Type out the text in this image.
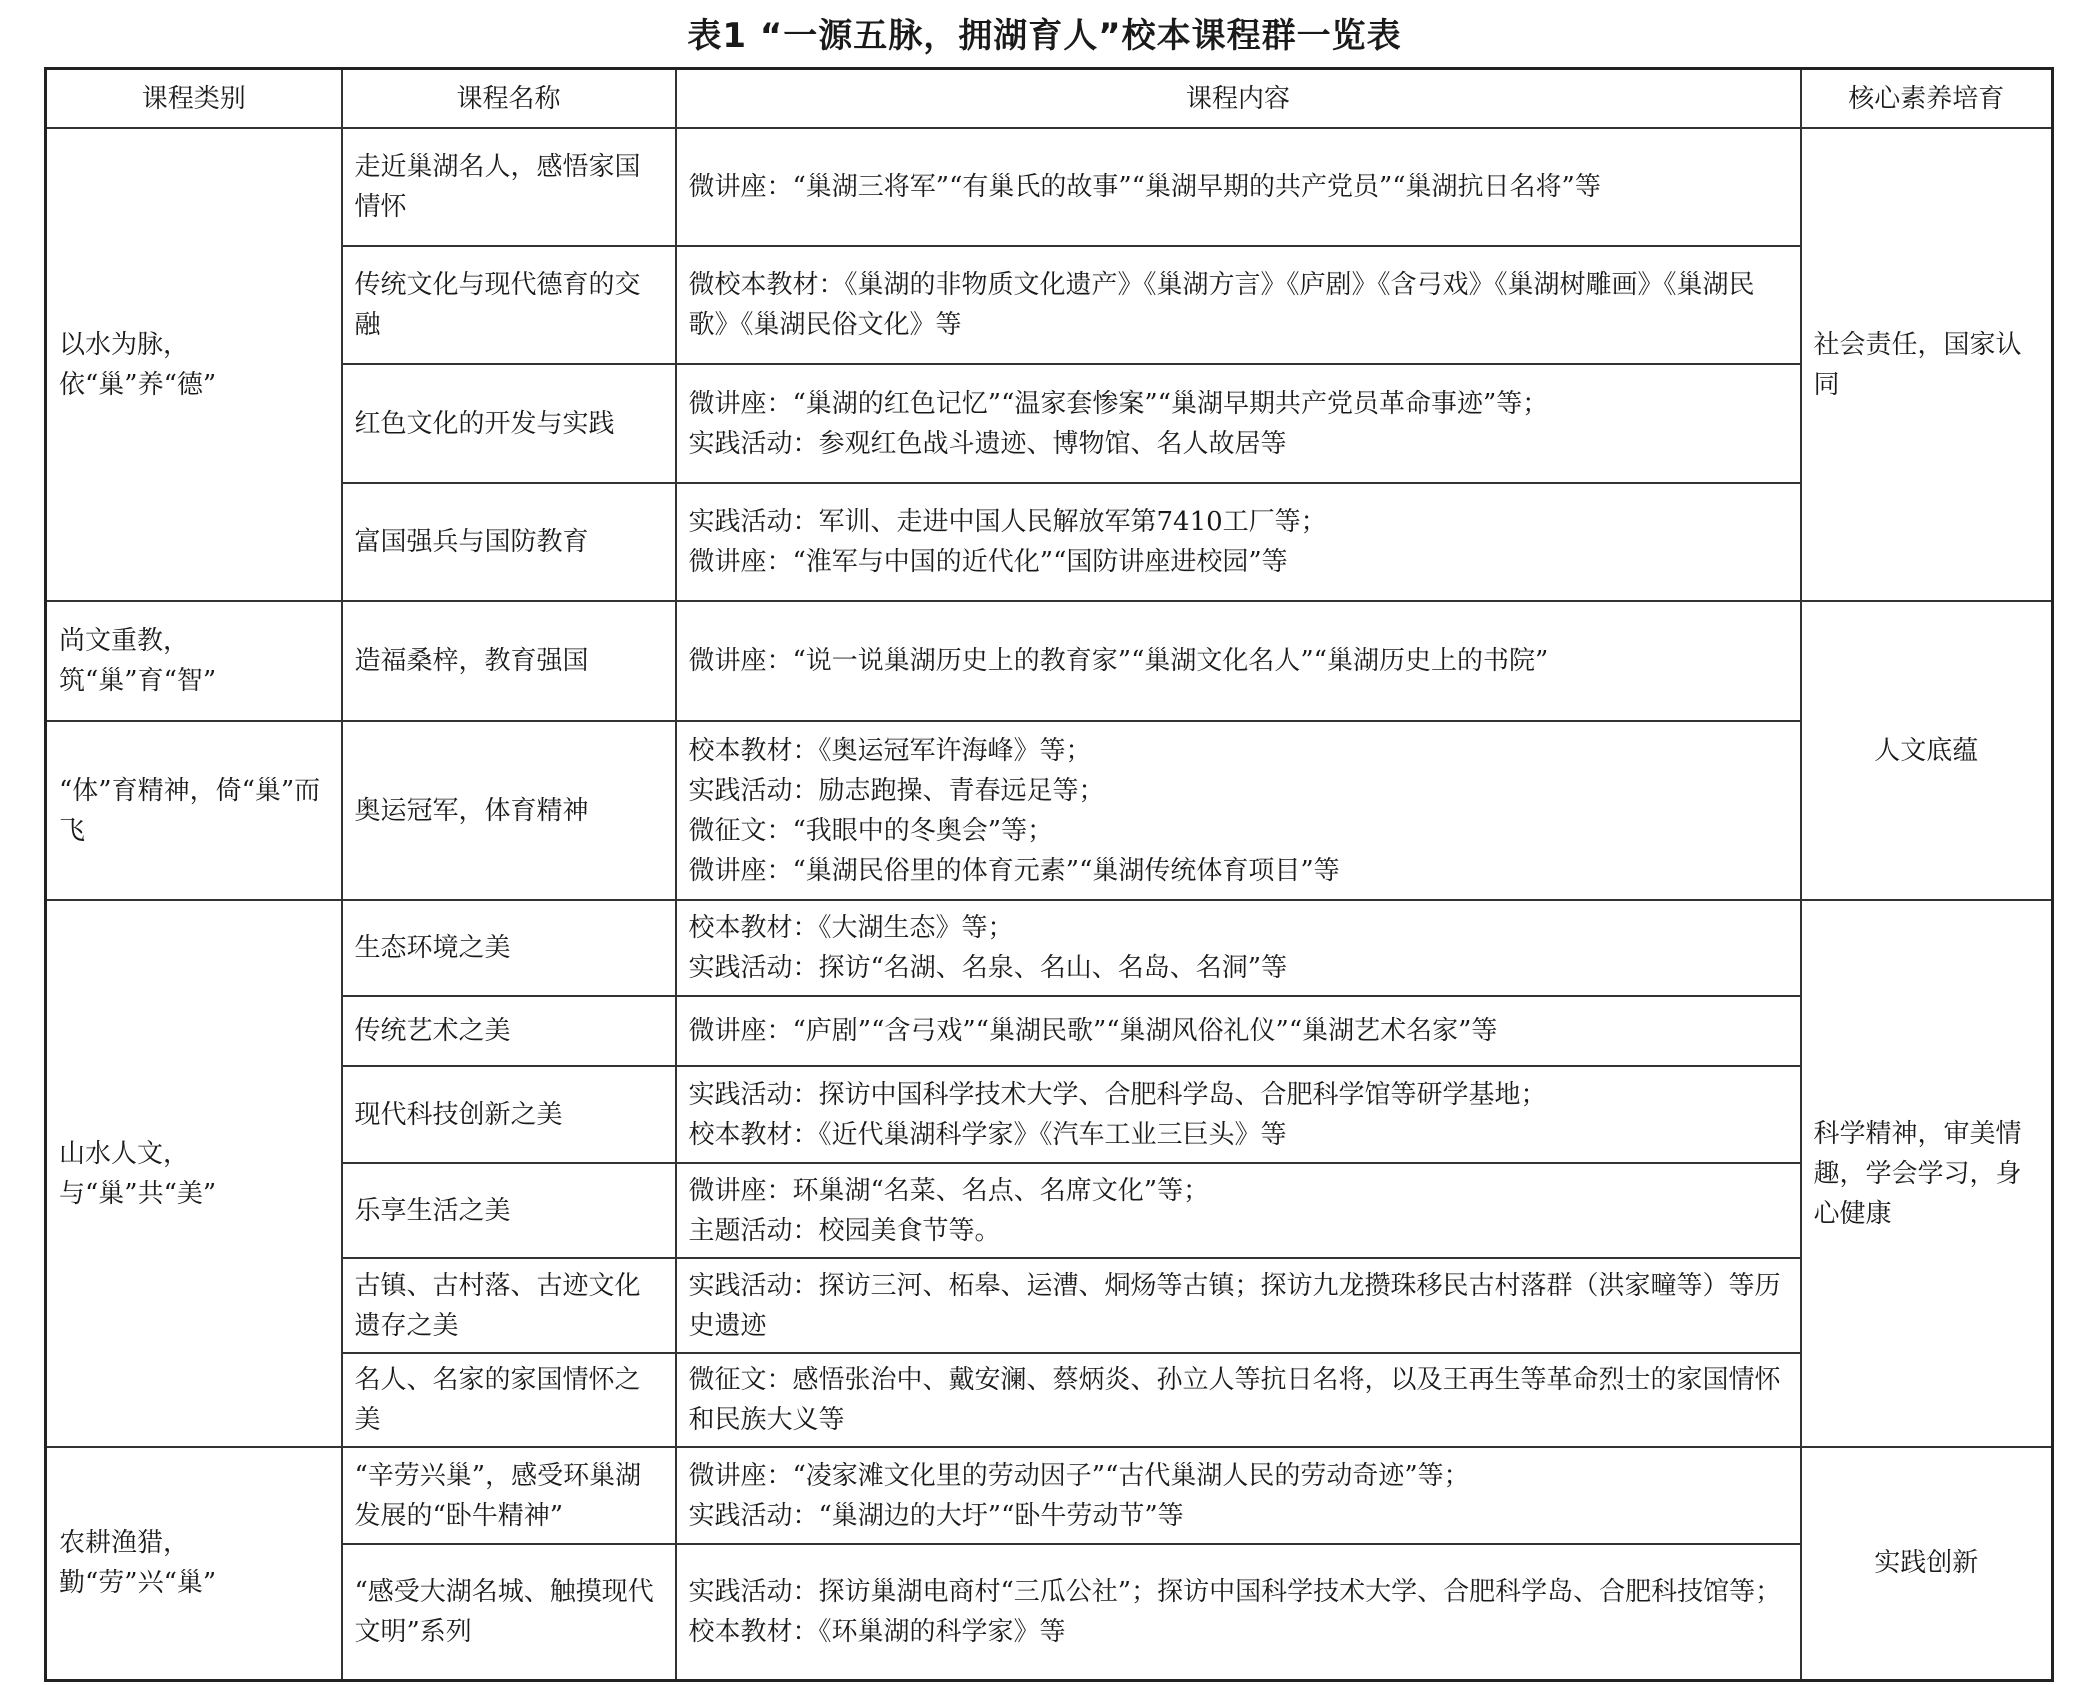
表1 “一源五脉，拥湖育人”校本课程群一览表
课程类别	课程名称	课程内容	核心素养培育
以水为脉，依“巢”养“德”	走近巢湖名人，感悟家国情怀	微讲座：“巢湖三将军”“有巢氏的故事”“巢湖早期的共产党员”“巢湖抗日名将”等	社会责任，国家认同
	传统文化与现代德育的交融	微校本教材：《巢湖的非物质文化遗产》《巢湖方言》《庐剧》《含弓戏》《巢湖树雕画》《巢湖民歌》《巢湖民俗文化》等	
	红色文化的开发与实践	微讲座：“巢湖的红色记忆”“温家套惨案”“巢湖早期共产党员革命事迹”等；
实践活动：参观红色战斗遗迹、博物馆、名人故居等	
	富国强兵与国防教育	实践活动：军训、走进中国人民解放军第7410工厂等；
微讲座：“淮军与中国的近代化”“国防讲座进校园”等	
尚文重教，筑“巢”育“智”	造福桑梓，教育强国	微讲座：“说一说巢湖历史上的教育家”“巢湖文化名人”“巢湖历史上的书院”	人文底蕴
“体”育精神，倚“巢”而飞	奥运冠军，体育精神	校本教材：《奥运冠军许海峰》等；
实践活动：励志跑操、青春远足等；
微征文：“我眼中的冬奥会”等；
微讲座：“巢湖民俗里的体育元素”“巢湖传统体育项目”等	
山水人文，与“巢”共“美”	生态环境之美	校本教材：《大湖生态》等；
实践活动：探访“名湖、名泉、名山、名岛、名洞”等	科学精神，审美情趣，学会学习，身心健康
	传统艺术之美	微讲座：“庐剧”“含弓戏”“巢湖民歌”“巢湖风俗礼仪”“巢湖艺术名家”等	
	现代科技创新之美	实践活动：探访中国科学技术大学、合肥科学岛、合肥科学馆等研学基地；
校本教材：《近代巢湖科学家》《汽车工业三巨头》等	
	乐享生活之美	微讲座：环巢湖“名菜、名点、名席文化”等；
主题活动：校园美食节等。	
	古镇、古村落、古迹文化遗存之美	实践活动：探访三河、柘皋、运漕、烔炀等古镇；探访九龙攒珠移民古村落群（洪家疃等）等历史遗迹	
	名人、名家的家国情怀之美	微征文：感悟张治中、戴安澜、蔡炳炎、孙立人等抗日名将，以及王再生等革命烈士的家国情怀和民族大义等	
农耕渔猎，勤“劳”兴“巢”	“辛劳兴巢”，感受环巢湖发展的“卧牛精神”	微讲座：“凌家滩文化里的劳动因子”“古代巢湖人民的劳动奇迹”等；
实践活动：“巢湖边的大圩”“卧牛劳动节”等	实践创新
	“感受大湖名城、触摸现代文明”系列	实践活动：探访巢湖电商村“三瓜公社”；探访中国科学技术大学、合肥科学岛、合肥科技馆等；
校本教材：《环巢湖的科学家》等	
